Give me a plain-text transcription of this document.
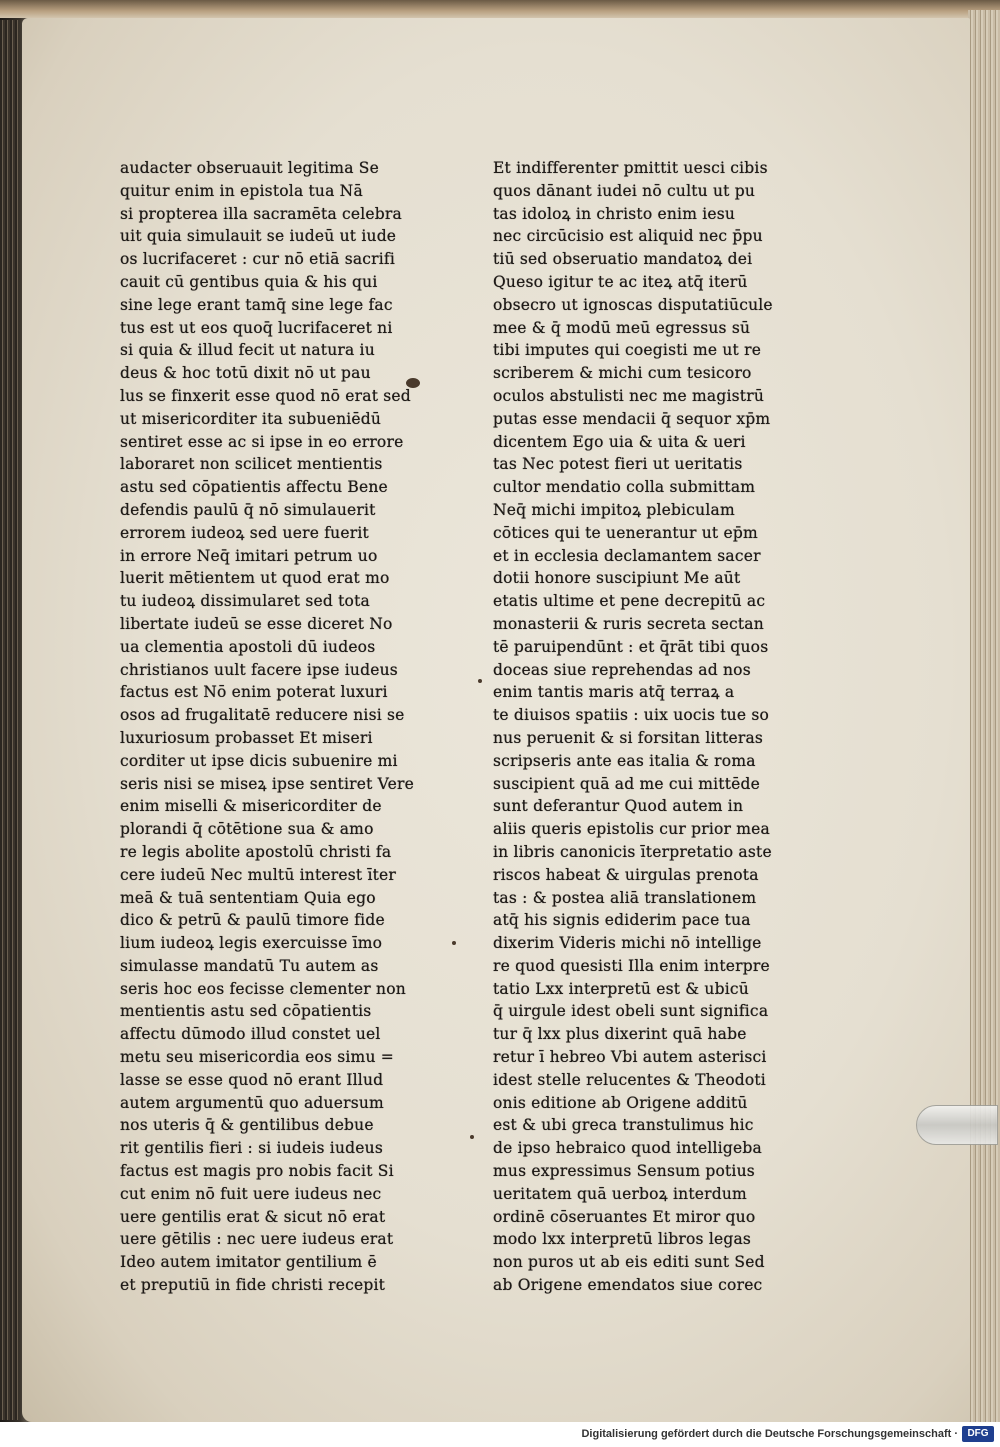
audacter obseruauit legitima Se
quitur enim in epistola tua Nā
si propterea illa sacramēta celebra
uit quia simulauit se iudeū ut iude
os lucrifaceret : cur nō etiā sacrifi
cauit cū gentibus quia & his qui
sine lege erant tamq̄ sine lege fac
tus est ut eos quoq̄ lucrifaceret ni
si quia & illud fecit ut natura iu
deus & hoc totū dixit nō ut pau
lus se finxerit esse quod nō erat sed
ut misericorditer ita subueniēdū
sentiret esse ac si ipse in eo errore
laboraret non scilicet mentientis
astu sed cōpatientis affectu Bene
defendis paulū q̄ nō simulauerit
errorem iudeoꝝ sed uere fuerit
in errore Neq̄ imitari petrum uo
luerit mētientem ut quod erat mo
tu iudeoꝝ dissimularet sed tota
libertate iudeū se esse diceret No
ua clementia apostoli dū iudeos
christianos uult facere ipse iudeus
factus est Nō enim poterat luxuri
osos ad frugalitatē reducere nisi se
luxuriosum probasset Et miseri
corditer ut ipse dicis subuenire mi
seris nisi se miseꝝ ipse sentiret Vere
enim miselli & misericorditer de
plorandi q̄ cōtētione sua & amo
re legis abolite apostolū christi fa
cere iudeū Nec multū interest īter
meā & tuā sententiam Quia ego
dico & petrū & paulū timore fide
lium iudeoꝝ legis exercuisse īmo
simulasse mandatū Tu autem as
seris hoc eos fecisse clementer non
mentientis astu sed cōpatientis
affectu dūmodo illud constet uel
metu seu misericordia eos simu =
lasse se esse quod nō erant Illud
autem argumentū quo aduersum
nos uteris q̄ & gentilibus debue
rit gentilis fieri : si iudeis iudeus
factus est magis pro nobis facit Si
cut enim nō fuit uere iudeus nec
uere gentilis erat & sicut nō erat
uere gētilis : nec uere iudeus erat
Ideo autem imitator gentilium ē
et preputiū in fide christi recepit
Et indifferenter pmittit uesci cibis
quos dānant iudei nō cultu ut pu
tas idoloꝝ in christo enim iesu
nec circūcisio est aliquid nec p̄pu
tiū sed obseruatio mandatoꝝ dei
Queso igitur te ac iteꝝ atq̄ iterū
obsecro ut ignoscas disputatiūcule
mee & q̄ modū meū egressus sū
tibi imputes qui coegisti me ut re
scriberem & michi cum tesicoro
oculos abstulisti nec me magistrū
putas esse mendacii q̄ sequor xp̄m
dicentem Ego uia & uita & ueri
tas Nec potest fieri ut ueritatis
cultor mendatio colla submittam
Neq̄ michi impitoꝝ plebiculam
cōtices qui te uenerantur ut ep̄m
et in ecclesia declamantem sacer
dotii honore suscipiunt Me aūt
etatis ultime et pene decrepitū ac
monasterii & ruris secreta sectan
tē paruipendūnt : et q̄rāt tibi quos
doceas siue reprehendas ad nos
enim tantis maris atq̄ terraꝝ a
te diuisos spatiis : uix uocis tue so
nus peruenit & si forsitan litteras
scripseris ante eas italia & roma
suscipient quā ad me cui mittēde
sunt deferantur Quod autem in
aliis queris epistolis cur prior mea
in libris canonicis īterpretatio aste
riscos habeat & uirgulas prenota
tas : & postea aliā translationem
atq̄ his signis ediderim pace tua
dixerim Videris michi nō intellige
re quod quesisti Illa enim interpre
tatio Lxx interpretū est & ubicū
q̄ uirgule idest obeli sunt significa
tur q̄ lxx plus dixerint quā habe
retur ī hebreo Vbi autem asterisci
idest stelle relucentes & Theodoti
onis editione ab Origene additū
est & ubi greca transtulimus hic
de ipso hebraico quod intelligeba
mus expressimus Sensum potius
ueritatem quā uerboꝝ interdum
ordinē cōseruantes Et miror quo
modo lxx interpretū libros legas
non puros ut ab eis editi sunt Sed
ab Origene emendatos siue corec
Digitalisierung gefördert durch die Deutsche Forschungsgemeinschaft · DFG
